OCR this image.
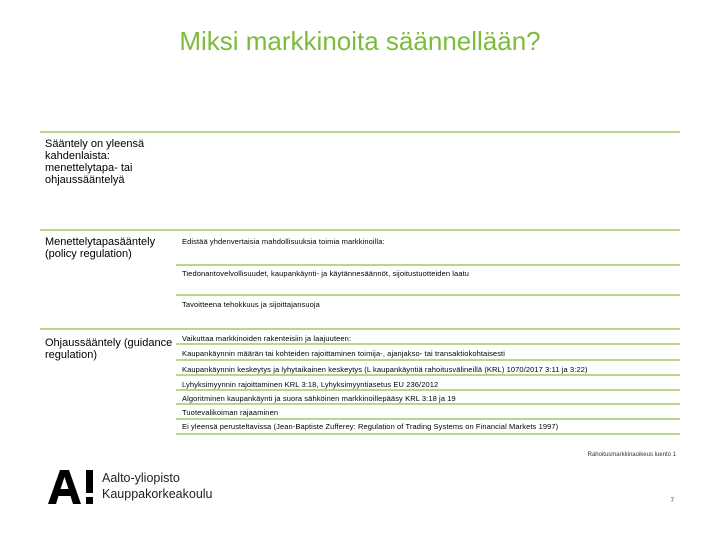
Miksi markkinoita säännellään?
Sääntely on yleensä kahdenlaista: menettelytapa- tai ohjaussääntelyä
Menettelytapasääntely (policy regulation)
Ohjaussääntely (guidance regulation)
Edistää yhdenvertaisia mahdollisuuksia toimia markkinoilla:
Tiedonantovelvollisuudet, kaupankäynti- ja käytännesäännöt, sijoitustuotteiden laatu
Tavoitteena tehokkuus ja sijoittajansuoja
Vaikuttaa markkinoiden rakenteisiin ja laajuuteen:
Kaupankäynnin määrän tai kohteiden rajoittaminen toimija-, ajanjakso- tai transaktiokohtaisesti
Kaupankäynnin keskeytys ja lyhytaikainen keskeytys (L kaupankäyntiä rahoitusvälineillä (KRL) 1070/2017 3:11 ja 3:22)
Lyhyksimyynnin rajoittaminen KRL 3:18, Lyhyksimyyntiasetus EU 236/2012
Algoritminen kaupankäynti ja suora sähköinen markkinoillepääsy KRL 3:18 ja 19
Tuotevalikoiman rajaaminen
Ei yleensä perusteltavissa (Jean-Baptiste Zufferey: Regulation of Trading Systems on Financial Markets 1997)
Aalto-yliopisto
Kauppakorkeakoulu
Rahoitusmarkkinaoikeus luento 1
7
